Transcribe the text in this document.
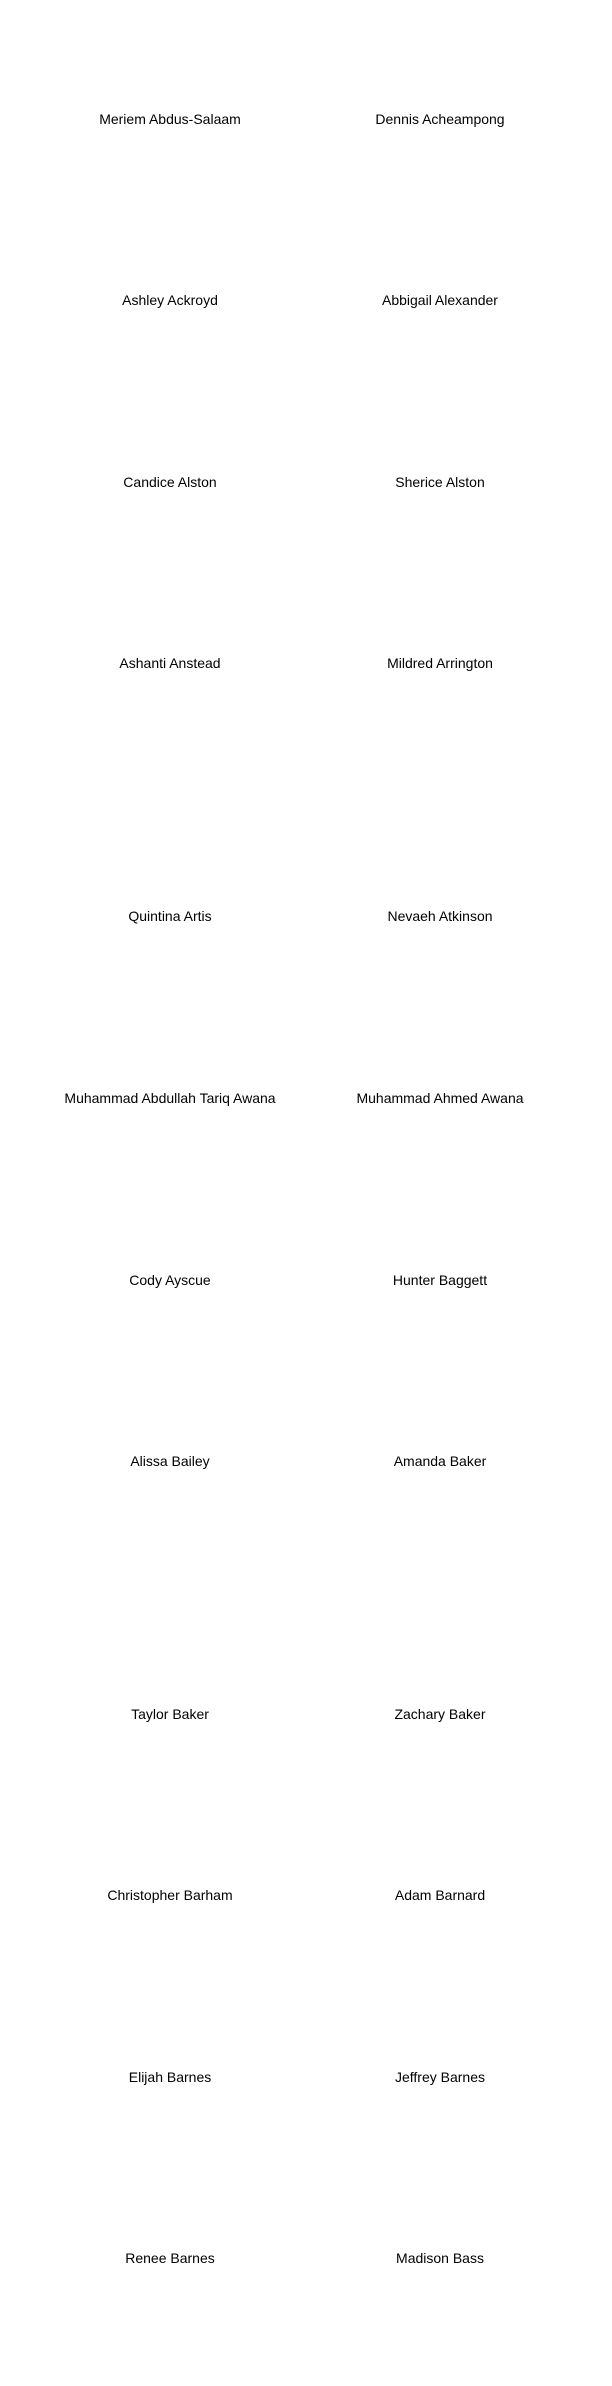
Meriem Abdus-Salaam	Dennis Acheampong
Ashley Ackroyd	Abbigail Alexander
Candice Alston	Sherice Alston
Ashanti Anstead	Mildred Arrington
Quintina Artis	Nevaeh Atkinson
Muhammad Abdullah Tariq Awana	Muhammad Ahmed Awana
Cody Ayscue	Hunter Baggett
Alissa Bailey	Amanda Baker
Taylor Baker	Zachary Baker
Christopher Barham	Adam Barnard
Elijah Barnes	Jeffrey Barnes
Renee Barnes	Madison Bass
